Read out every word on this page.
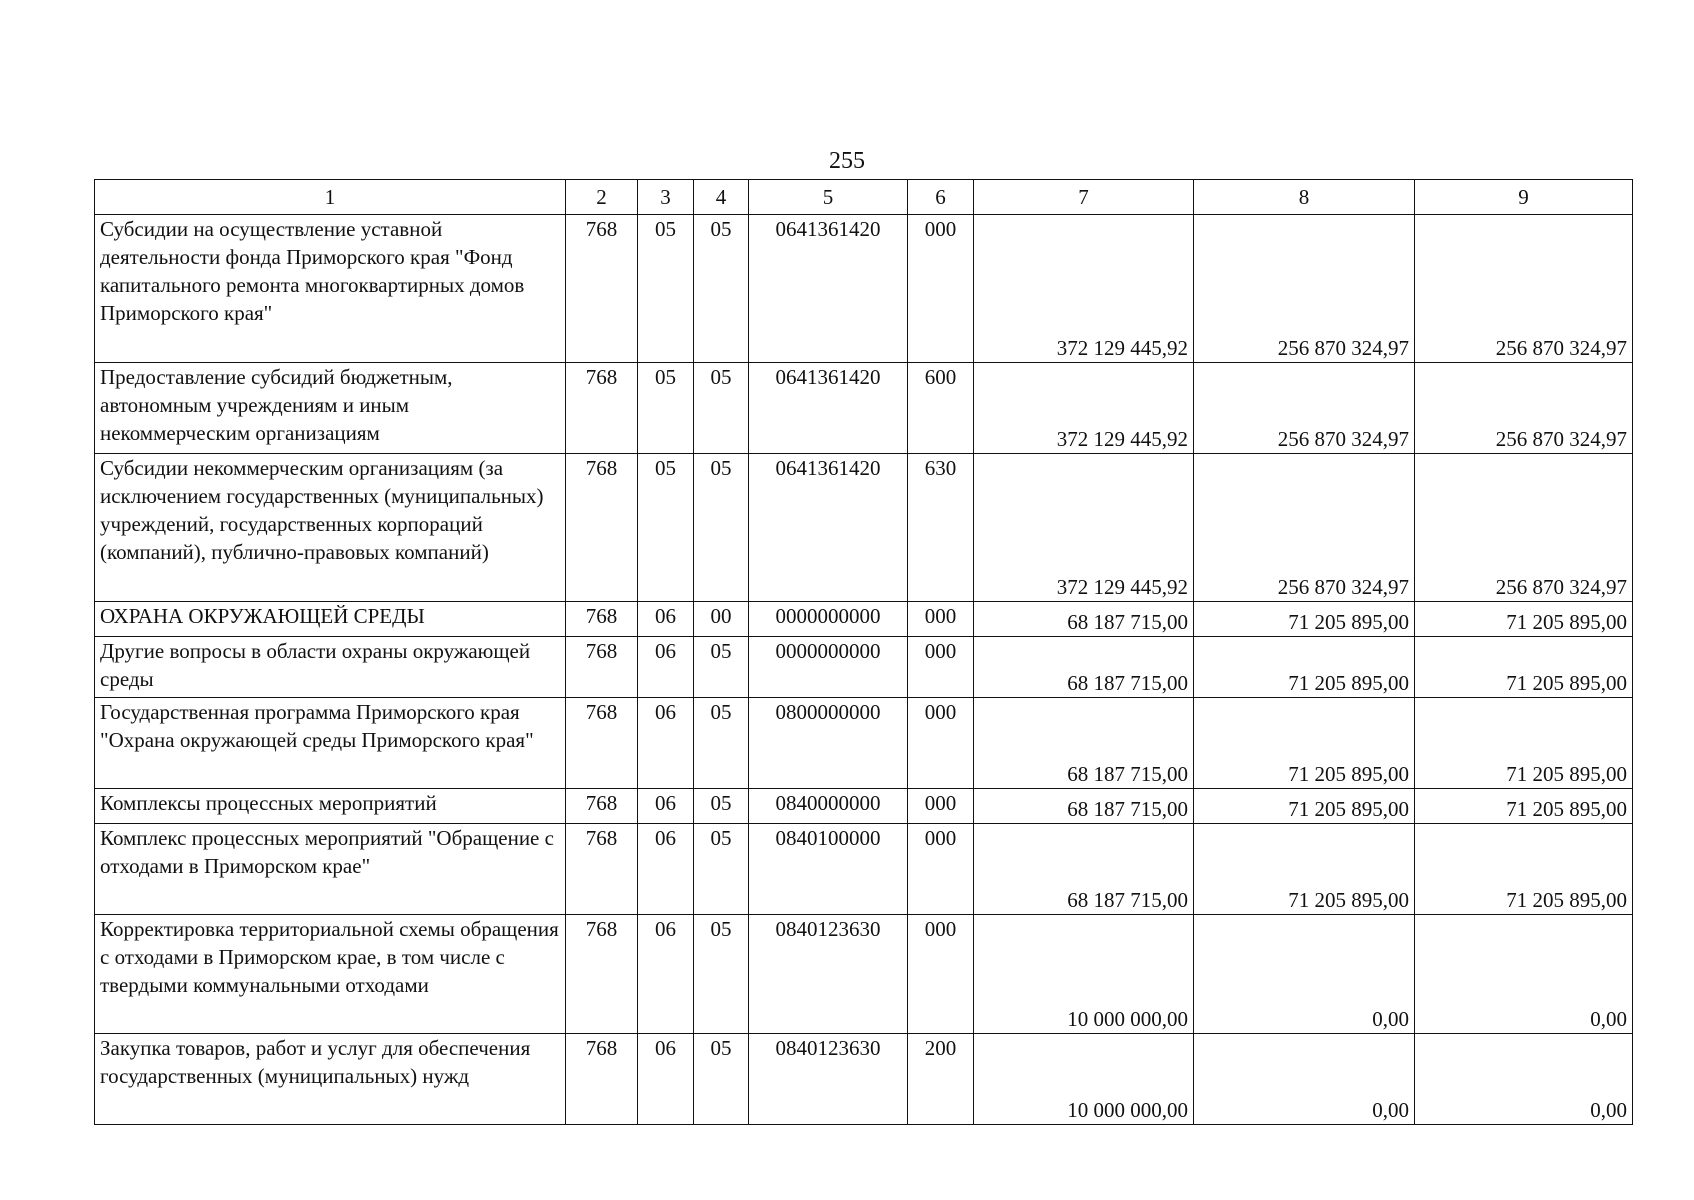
255
1	2	3	4	5	6	7	8	9
Субсидии на осуществление уставной деятельности фонда Приморского края "Фонд капитального ремонта многоквартирных домов Приморского края"	768	05	05	0641361420	000	372 129 445,92	256 870 324,97	256 870 324,97
Предоставление субсидий бюджетным, автономным учреждениям и иным некоммерческим организациям	768	05	05	0641361420	600	372 129 445,92	256 870 324,97	256 870 324,97
Субсидии некоммерческим организациям (за исключением государственных (муниципальных) учреждений, государственных корпораций (компаний), публично-правовых компаний)	768	05	05	0641361420	630	372 129 445,92	256 870 324,97	256 870 324,97
ОХРАНА ОКРУЖАЮЩЕЙ СРЕДЫ	768	06	00	0000000000	000	68 187 715,00	71 205 895,00	71 205 895,00
Другие вопросы в области охраны окружающей среды	768	06	05	0000000000	000	68 187 715,00	71 205 895,00	71 205 895,00
Государственная программа Приморского края "Охрана окружающей среды Приморского края"	768	06	05	0800000000	000	68 187 715,00	71 205 895,00	71 205 895,00
Комплексы процессных мероприятий	768	06	05	0840000000	000	68 187 715,00	71 205 895,00	71 205 895,00
Комплекс процессных мероприятий "Обращение с отходами в Приморском крае"	768	06	05	0840100000	000	68 187 715,00	71 205 895,00	71 205 895,00
Корректировка территориальной схемы обращения с отходами в Приморском крае, в том числе с твердыми коммунальными отходами	768	06	05	0840123630	000	10 000 000,00	0,00	0,00
Закупка товаров, работ и услуг для обеспечения государственных (муниципальных) нужд	768	06	05	0840123630	200	10 000 000,00	0,00	0,00
